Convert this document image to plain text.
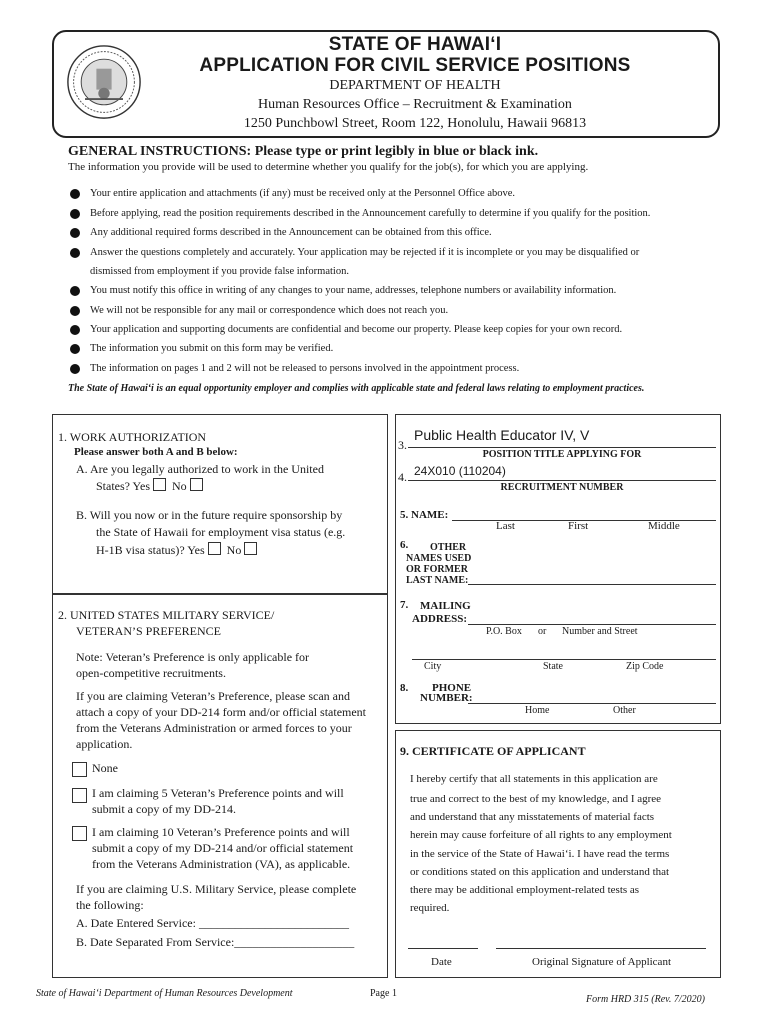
STATE OF HAWAIʻI
APPLICATION FOR CIVIL SERVICE POSITIONS
DEPARTMENT OF HEALTH
Human Resources Office – Recruitment & Examination
1250 Punchbowl Street, Room 122, Honolulu, Hawaii 96813
GENERAL INSTRUCTIONS: Please type or print legibly in blue or black ink.
The information you provide will be used to determine whether you qualify for the job(s), for which you are applying.
Your entire application and attachments (if any) must be received only at the Personnel Office above.
Before applying, read the position requirements described in the Announcement carefully to determine if you qualify for the position.
Any additional required forms described in the Announcement can be obtained from this office.
Answer the questions completely and accurately. Your application may be rejected if it is incomplete or you may be disqualified or
dismissed from employment if you provide false information.
You must notify this office in writing of any changes to your name, addresses, telephone numbers or availability information.
We will not be responsible for any mail or correspondence which does not reach you.
Your application and supporting documents are confidential and become our property. Please keep copies for your own record.
The information you submit on this form may be verified.
The information on pages 1 and 2 will not be released to persons involved in the appointment process.
The State of Hawaiʻi is an equal opportunity employer and complies with applicable state and federal laws relating to employment practices.
1. WORK AUTHORIZATION
Please answer both A and B below:
A. Are you legally authorized to work in the United
States? Yes No
B. Will you now or in the future require sponsorship by
the State of Hawaii for employment visa status (e.g.
H-1B visa status)? Yes No
2. UNITED STATES MILITARY SERVICE/
VETERAN’S PREFERENCE
Note: Veteran’s Preference is only applicable for
open-competitive recruitments.
If you are claiming Veteran’s Preference, please scan and
attach a copy of your DD-214 form and/or official statement
from the Veterans Administration or armed forces to your
application.
None
I am claiming 5 Veteran’s Preference points and will
submit a copy of my DD-214.
I am claiming 10 Veteran’s Preference points and will
submit a copy of my DD-214 and/or official statement
from the Veterans Administration (VA), as applicable.
If you are claiming U.S. Military Service, please complete
the following:
A. Date Entered Service: _________________________
B. Date Separated From Service:____________________
3.
Public Health Educator IV, V
POSITION TITLE APPLYING FOR
4. 24X010 (110204)
RECRUITMENT NUMBER
5. NAME:
Last	First	Middle
6. OTHER
NAMES USED
OR FORMER
LAST NAME:
7. MAILING
ADDRESS:
P.O. Box or Number and Street
City	State	Zip Code
8. PHONE
NUMBER:
Home	Other
9. CERTIFICATE OF APPLICANT
I hereby certify that all statements in this application are
true and correct to the best of my knowledge, and I agree
and understand that any misstatements of material facts
herein may cause forfeiture of all rights to any employment
in the service of the State of Hawaiʻi. I have read the terms
or conditions stated on this application and understand that
there may be additional employment-related tests as
required.
Date	Original Signature of Applicant
State of Hawaiʻi Department of Human Resources Development	Page 1
Form HRD 315 (Rev. 7/2020)
